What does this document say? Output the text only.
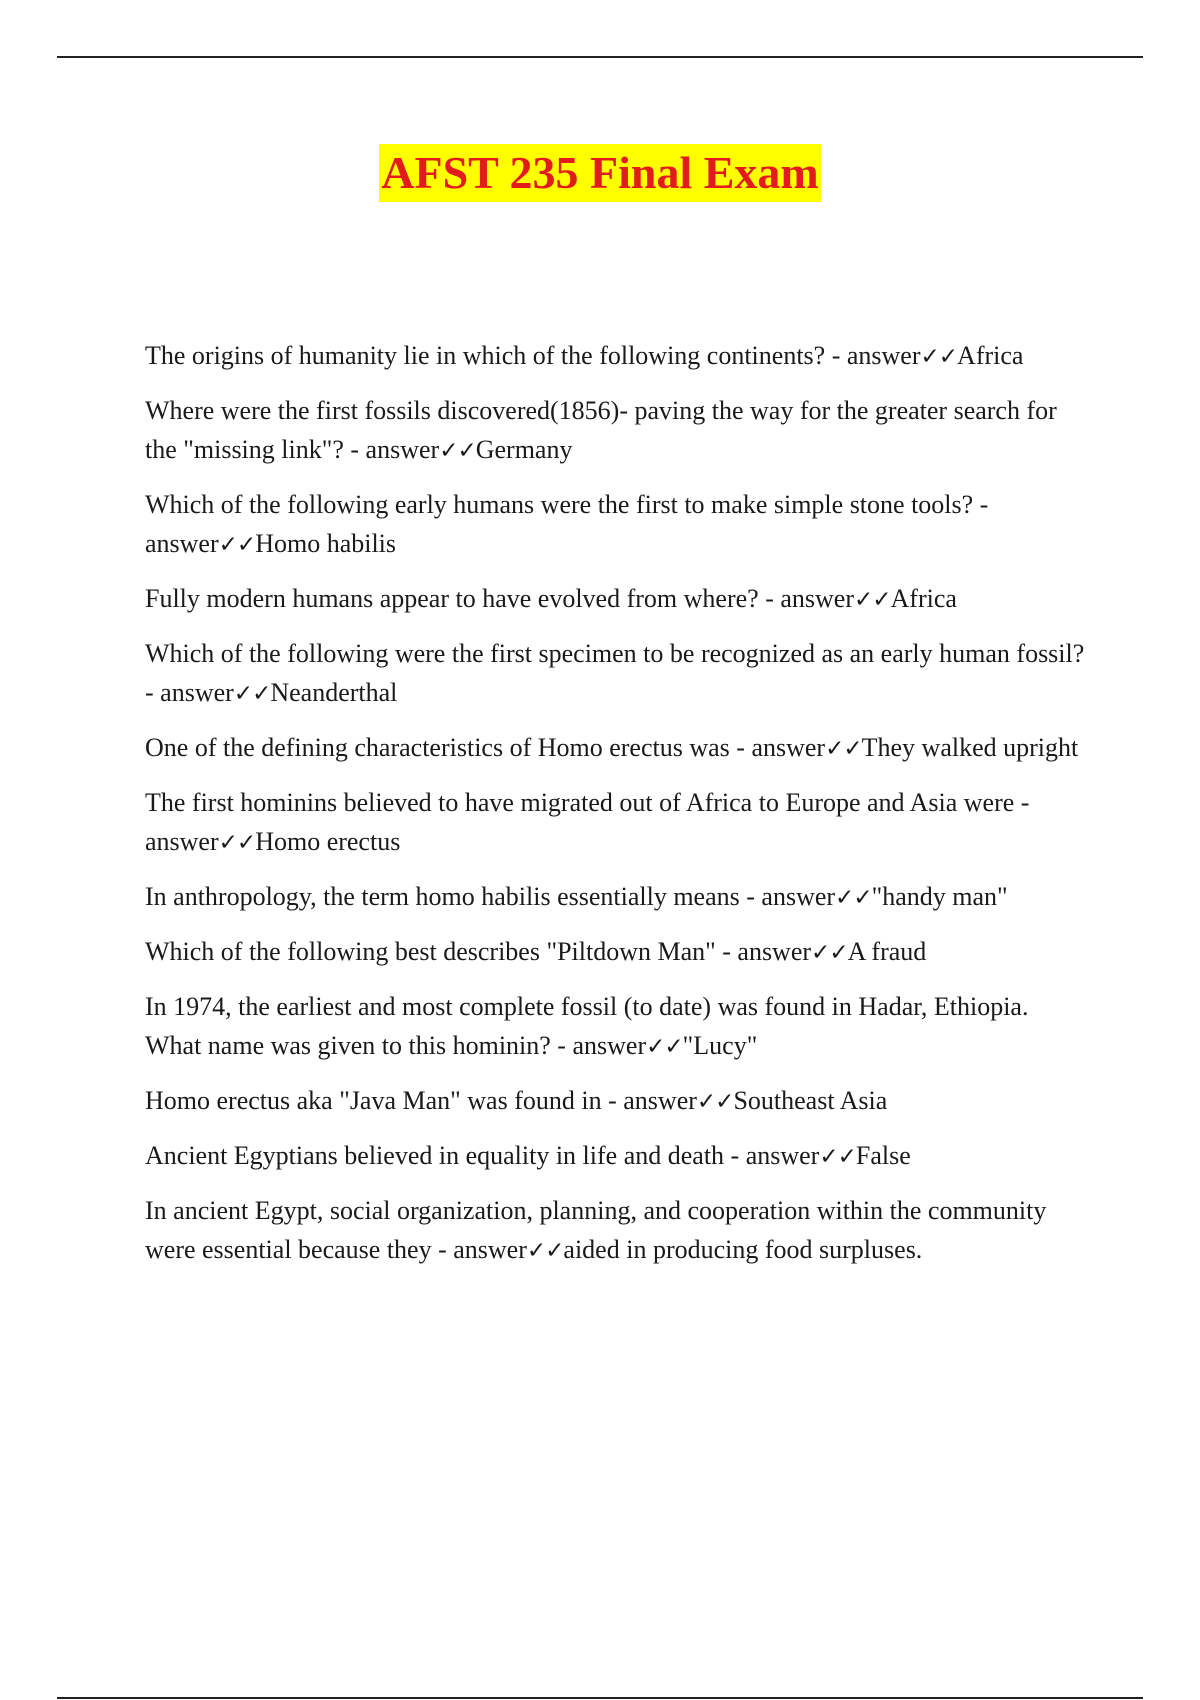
AFST 235 Final Exam

The origins of humanity lie in which of the following continents? - answer✓✓Africa

Where were the first fossils discovered(1856)- paving the way for the greater search for the "missing link"? - answer✓✓Germany

Which of the following early humans were the first to make simple stone tools? - answer✓✓Homo habilis

Fully modern humans appear to have evolved from where? - answer✓✓Africa

Which of the following were the first specimen to be recognized as an early human fossil? - answer✓✓Neanderthal

One of the defining characteristics of Homo erectus was - answer✓✓They walked upright

The first hominins believed to have migrated out of Africa to Europe and Asia were - answer✓✓Homo erectus

In anthropology, the term homo habilis essentially means - answer✓✓"handy man"

Which of the following best describes "Piltdown Man" - answer✓✓A fraud

In 1974, the earliest and most complete fossil (to date) was found in Hadar, Ethiopia. What name was given to this hominin? - answer✓✓"Lucy"

Homo erectus aka "Java Man" was found in - answer✓✓Southeast Asia

Ancient Egyptians believed in equality in life and death - answer✓✓False

In ancient Egypt, social organization, planning, and cooperation within the community were essential because they - answer✓✓aided in producing food surpluses.
